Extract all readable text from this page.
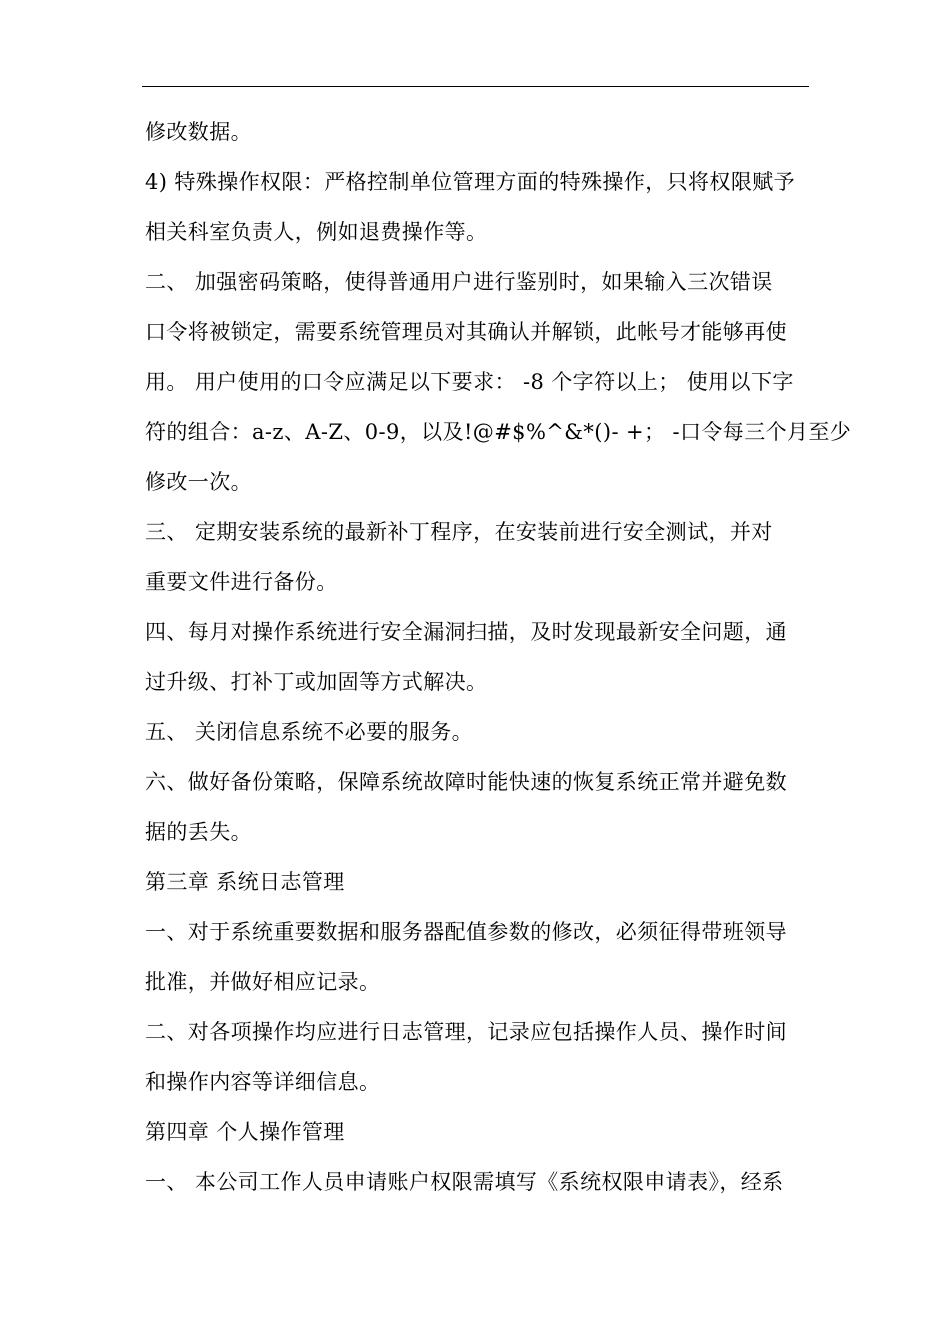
修改数据。
4) 特殊操作权限：严格控制单位管理方面的特殊操作，只将权限赋予
相关科室负责人，例如退费操作等。
二、 加强密码策略，使得普通用户进行鉴别时，如果输入三次错误
口令将被锁定，需要系统管理员对其确认并解锁，此帐号才能够再使
用。 用户使用的口令应满足以下要求： -8 个字符以上； 使用以下字
符的组合：a-z、A-Z、0-9，以及!@#$%^&*()- +； -口令每三个月至少
修改一次。
三、 定期安装系统的最新补丁程序，在安装前进行安全测试，并对
重要文件进行备份。
四、每月对操作系统进行安全漏洞扫描，及时发现最新安全问题，通
过升级、打补丁或加固等方式解决。
五、 关闭信息系统不必要的服务。
六、做好备份策略，保障系统故障时能快速的恢复系统正常并避免数
据的丢失。
第三章 系统日志管理
一、对于系统重要数据和服务器配值参数的修改，必须征得带班领导
批准，并做好相应记录。
二、对各项操作均应进行日志管理，记录应包括操作人员、操作时间
和操作内容等详细信息。
第四章 个人操作管理
一、 本公司工作人员申请账户权限需填写《系统权限申请表》，经系
